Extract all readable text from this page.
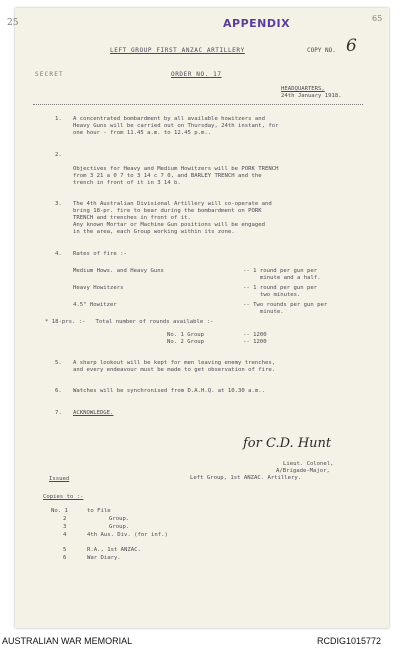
APPENDIX	65
25
LEFT GROUP FIRST ANZAC ARTILLERY	COPY NO. 6
SECRET	ORDER NO. 17
HEADQUARTERS,
24th January 1918.
1. A concentrated bombardment by all available howitzers and
Heavy Guns will be carried out on Thursday, 24th instant, for
one hour - from 11.45 a.m. to 12.45 p.m..
2.
Objectives for Heavy and Medium Howitzers will be PORK TRENCH
from 3 21 a 0 7 to 3 14 c 7 0, and BARLEY TRENCH and the
trench in front of it in 3 14 b.
3. The 4th Australian Divisional Artillery will co-operate and
bring 18-pr. fire to bear during the bombardment on PORK
TRENCH and trenches in front of it.
Any known Mortar or Machine Gun positions will be engaged
in the area, each Group working within its zone.
4. Rates of fire :-
Medium Hows. and Heavy Guns	-- 1 round per gun per
minute and a half.
Heavy Howitzers	-- 1 round per gun per
two minutes.
4.5" Howitzer	-- Two rounds per gun per
minute.
* 18-prs. :-   Total number of rounds available :-
No. 1 Group	-- 1200
No. 2 Group	-- 1200
5. A sharp lookout will be kept for men leaving enemy trenches,
and every endeavour must be made to get observation of fire.
6. Watches will be synchronised from D.A.H.Q. at 10.30 a.m..
7. ACKNOWLEDGE.
for C.D. Hunt
Lieut. Colonel,
A/Brigade-Major,
Left Group, 1st ANZAC. Artillery.
Issued
Copies to :-
No. 1	to File
2	Group.
3	Group.
4	4th Aus. Div. (for inf.)
5	R.A., 1st ANZAC.
6	War Diary.
AUSTRALIAN WAR MEMORIAL	RCDIG1015772
